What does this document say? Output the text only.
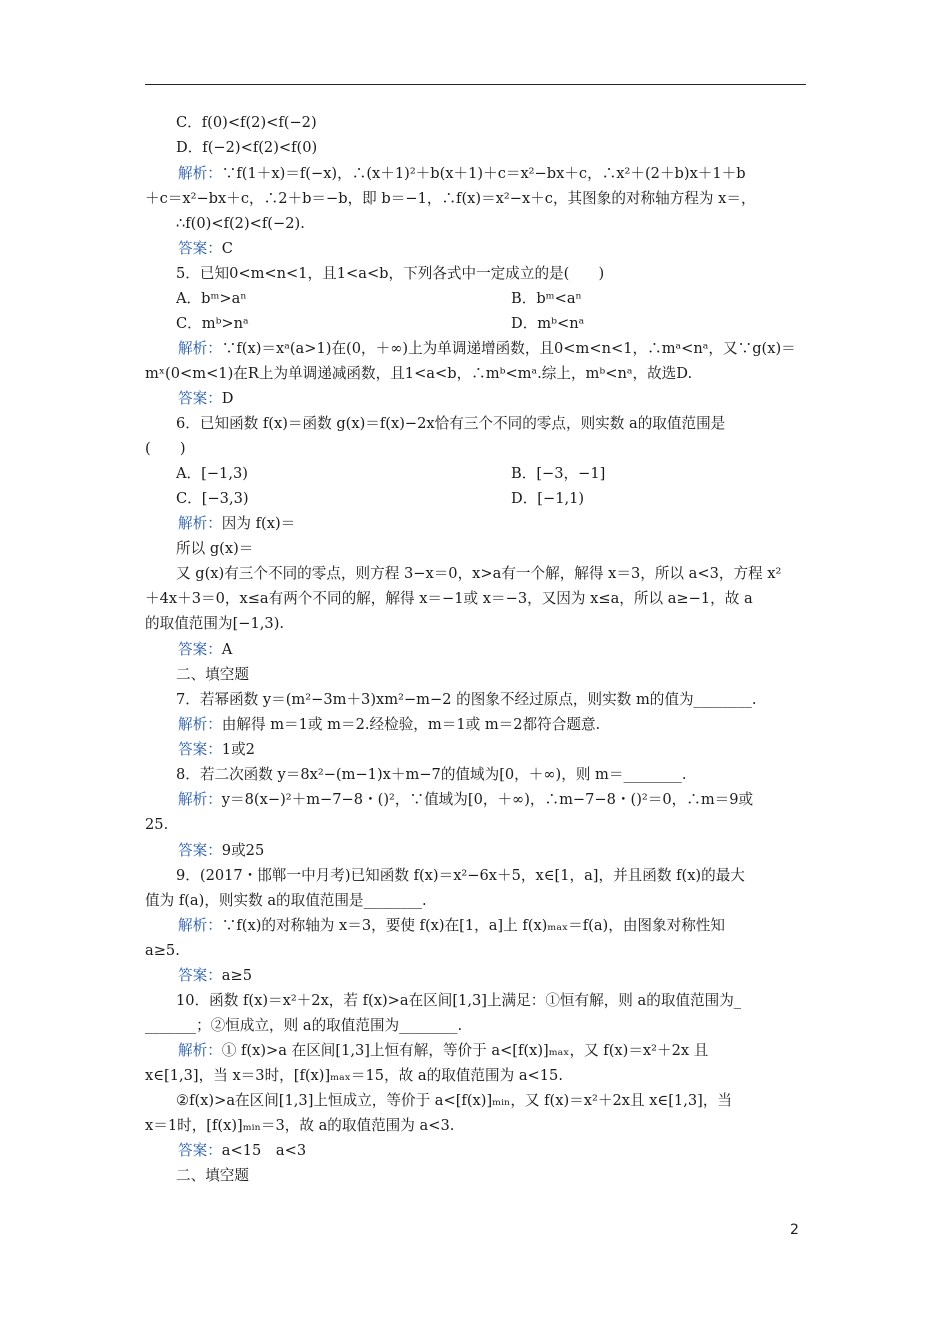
C．f(0)<f(2)<f(−2)
D．f(−2)<f(2)<f(0)
解析：∵f(1＋x)＝f(−x)，∴(x＋1)²＋b(x＋1)＋c＝x²−bx＋c，∴x²＋(2＋b)x＋1＋b
＋c＝x²−bx＋c，∴2＋b＝−b，即 b＝−1，∴f(x)＝x²−x＋c，其图象的对称轴方程为 x＝，
∴f(0)<f(2)<f(−2).
答案：C
5．已知0<m<n<1，且1<a<b，下列各式中一定成立的是(　　)
A．bᵐ>aⁿ	B．bᵐ<aⁿ
C．mᵇ>nᵃ	D．mᵇ<nᵃ
解析：∵f(x)＝xᵃ(a>1)在(0，＋∞)上为单调递增函数，且0<m<n<1，∴mᵃ<nᵃ，又∵g(x)＝
mˣ(0<m<1)在R上为单调递减函数，且1<a<b，∴mᵇ<mᵃ.综上，mᵇ<nᵃ，故选D.
答案：D
6．已知函数 f(x)＝函数 g(x)＝f(x)−2x恰有三个不同的零点，则实数 a的取值范围是
(　　)
A．[−1,3)	B．[−3，−1]
C．[−3,3)	D．[−1,1)
解析：因为 f(x)＝
所以 g(x)＝
又 g(x)有三个不同的零点，则方程 3−x＝0，x>a有一个解，解得 x＝3，所以 a<3，方程 x²
＋4x＋3＝0，x≤a有两个不同的解，解得 x＝−1或 x＝−3，又因为 x≤a，所以 a≥−1，故 a
的取值范围为[−1,3).
答案：A
二、填空题
7．若幂函数 y＝(m²−3m＋3)xm²−m−2 的图象不经过原点，则实数 m的值为________.
解析：由解得 m＝1或 m＝2.经检验，m＝1或 m＝2都符合题意.
答案：1或2
8．若二次函数 y＝8x²−(m−1)x＋m−7的值域为[0，＋∞)，则 m＝________.
解析：y＝8(x−)²＋m−7−8・()²，∵值域为[0，＋∞)，∴m−7−8・()²＝0，∴m＝9或
25.
答案：9或25
9．(2017・邯郸一中月考)已知函数 f(x)＝x²−6x＋5，x∈[1，a]，并且函数 f(x)的最大
值为 f(a)，则实数 a的取值范围是________.
解析：∵f(x)的对称轴为 x＝3，要使 f(x)在[1，a]上 f(x)ₘₐₓ＝f(a)，由图象对称性知
a≥5.
答案：a≥5
10．函数 f(x)＝x²＋2x，若 f(x)>a在区间[1,3]上满足：①恒有解，则 a的取值范围为_
_______；②恒成立，则 a的取值范围为________.
解析：① f(x)>a 在区间[1,3]上恒有解，等价于 a<[f(x)]ₘₐₓ，又 f(x)＝x²＋2x 且
x∈[1,3]，当 x＝3时，[f(x)]ₘₐₓ＝15，故 a的取值范围为 a<15.
②f(x)>a在区间[1,3]上恒成立，等价于 a<[f(x)]ₘᵢₙ，又 f(x)＝x²＋2x且 x∈[1,3]，当
x＝1时，[f(x)]ₘᵢₙ＝3，故 a的取值范围为 a<3.
答案：a<15　a<3
二、填空题
2
